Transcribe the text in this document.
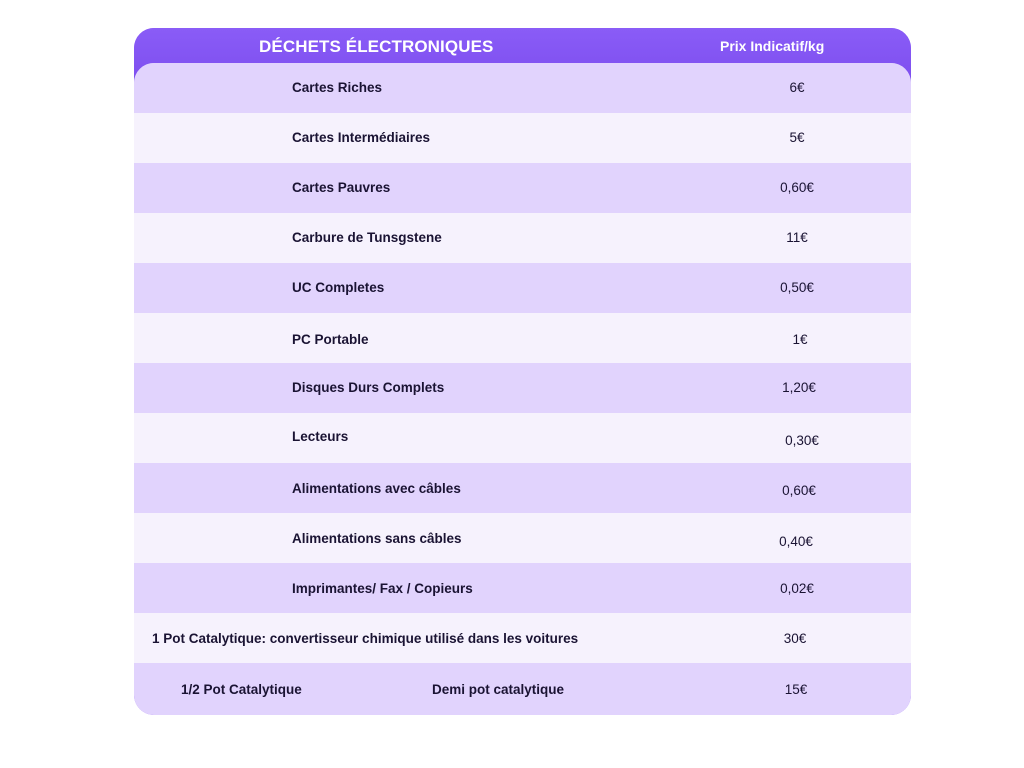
DÉCHETS ÉLECTRONIQUES	Prix Indicatif/kg
Cartes Riches	6€
Cartes Intermédiaires	5€
Cartes Pauvres	0,60€
Carbure de Tunsgstene	11€
UC Completes	0,50€
PC Portable	1€
Disques Durs Complets	1,20€
Lecteurs	0,30€
Alimentations avec câbles	0,60€
Alimentations sans câbles	0,40€
Imprimantes/ Fax / Copieurs	0,02€
1 Pot Catalytique: convertisseur chimique utilisé dans les voitures	30€
1/2 Pot Catalytique	Demi pot catalytique	15€
